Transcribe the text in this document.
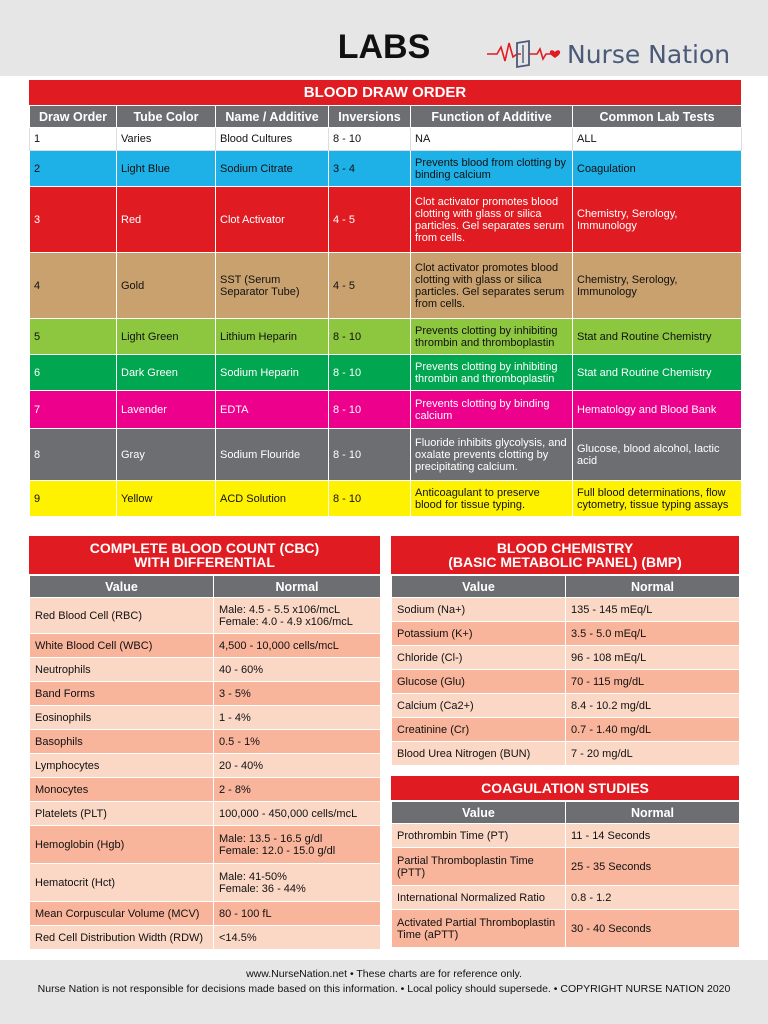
LABS	Nurse Nation
BLOOD DRAW ORDER
Draw Order	Tube Color	Name / Additive	Inversions	Function of Additive	Common Lab Tests
1	Varies	Blood Cultures	8 - 10	NA	ALL
2	Light Blue	Sodium Citrate	3 - 4	Prevents blood from clotting by binding calcium	Coagulation
3	Red	Clot Activator	4 - 5	Clot activator promotes blood clotting with glass or silica particles. Gel separates serum from cells.	Chemistry, Serology, Immunology
4	Gold	SST (Serum Separator Tube)	4 - 5	Clot activator promotes blood clotting with glass or silica particles. Gel separates serum from cells.	Chemistry, Serology, Immunology
5	Light Green	Lithium Heparin	8 - 10	Prevents clotting by inhibiting thrombin and thromboplastin	Stat and Routine Chemistry
6	Dark Green	Sodium Heparin	8 - 10	Prevents clotting by inhibiting thrombin and thromboplastin	Stat and Routine Chemistry
7	Lavender	EDTA	8 - 10	Prevents clotting by binding calcium	Hematology and Blood Bank
8	Gray	Sodium Flouride	8 - 10	Fluoride inhibits glycolysis, and oxalate prevents clotting by precipitating calcium.	Glucose, blood alcohol, lactic acid
9	Yellow	ACD Solution	8 - 10	Anticoagulant to preserve blood for tissue typing.	Full blood determinations, flow cytometry, tissue typing assays
COMPLETE BLOOD COUNT (CBC)
WITH DIFFERENTIAL
Value	Normal
Red Blood Cell (RBC)	Male: 4.5 - 5.5 x106/mcL
Female: 4.0 - 4.9 x106/mcL
White Blood Cell (WBC)	4,500 - 10,000 cells/mcL
Neutrophils	40 - 60%
Band Forms	3 - 5%
Eosinophils	1 - 4%
Basophils	0.5 - 1%
Lymphocytes	20 - 40%
Monocytes	2 - 8%
Platelets (PLT)	100,000 - 450,000 cells/mcL
Hemoglobin (Hgb)	Male: 13.5 - 16.5 g/dl
Female: 12.0 - 15.0 g/dl
Hematocrit (Hct)	Male: 41-50%
Female: 36 - 44%
Mean Corpuscular Volume (MCV)	80 - 100 fL
Red Cell Distribution Width (RDW)	<14.5%
BLOOD CHEMISTRY
(BASIC METABOLIC PANEL) (BMP)
Value	Normal
Sodium (Na+)	135 - 145 mEq/L
Potassium (K+)	3.5 - 5.0 mEq/L
Chloride (Cl-)	96 - 108 mEq/L
Glucose (Glu)	70 - 115 mg/dL
Calcium (Ca2+)	8.4 - 10.2 mg/dL
Creatinine (Cr)	0.7 - 1.40 mg/dL
Blood Urea Nitrogen (BUN)	7 - 20 mg/dL
COAGULATION STUDIES
Value	Normal
Prothrombin Time (PT)	11 - 14 Seconds
Partial Thromboplastin Time (PTT)	25 - 35 Seconds
International Normalized Ratio	0.8 - 1.2
Activated Partial Thromboplastin Time (aPTT)	30 - 40 Seconds
www.NurseNation.net • These charts are for reference only.
Nurse Nation is not responsible for decisions made based on this information. • Local policy should supersede. • COPYRIGHT NURSE NATION 2020
